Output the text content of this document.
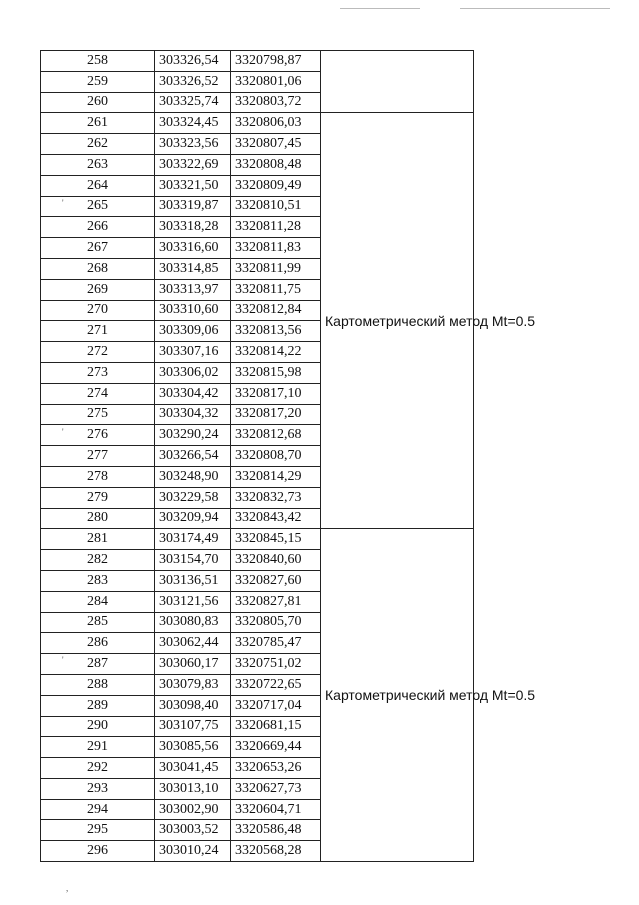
258	303326,54	3320798,87		
259	303326,52	3320801,06	
260	303325,74	3320803,72	
261	303324,45	3320806,03	Картометрический метод Mt=0.5	
262	303323,56	3320807,45	
263	303322,69	3320808,48	
264	303321,50	3320809,49	
265	303319,87	3320810,51	
266	303318,28	3320811,28	
267	303316,60	3320811,83	
268	303314,85	3320811,99	
269	303313,97	3320811,75	
270	303310,60	3320812,84	
271	303309,06	3320813,56	
272	303307,16	3320814,22	
273	303306,02	3320815,98	
274	303304,42	3320817,10	
275	303304,32	3320817,20	
276	303290,24	3320812,68	
277	303266,54	3320808,70	
278	303248,90	3320814,29	
279	303229,58	3320832,73	
280	303209,94	3320843,42	
281	303174,49	3320845,15	Картометрический метод Mt=0.5	
282	303154,70	3320840,60	
283	303136,51	3320827,60	
284	303121,56	3320827,81	
285	303080,83	3320805,70	
286	303062,44	3320785,47	
287	303060,17	3320751,02	
288	303079,83	3320722,65	
289	303098,40	3320717,04	
290	303107,75	3320681,15	
291	303085,56	3320669,44	
292	303041,45	3320653,26	
293	303013,10	3320627,73	
294	303002,90	3320604,71	
295	303003,52	3320586,48	
296	303010,24	3320568,28	
'
'
'
,
